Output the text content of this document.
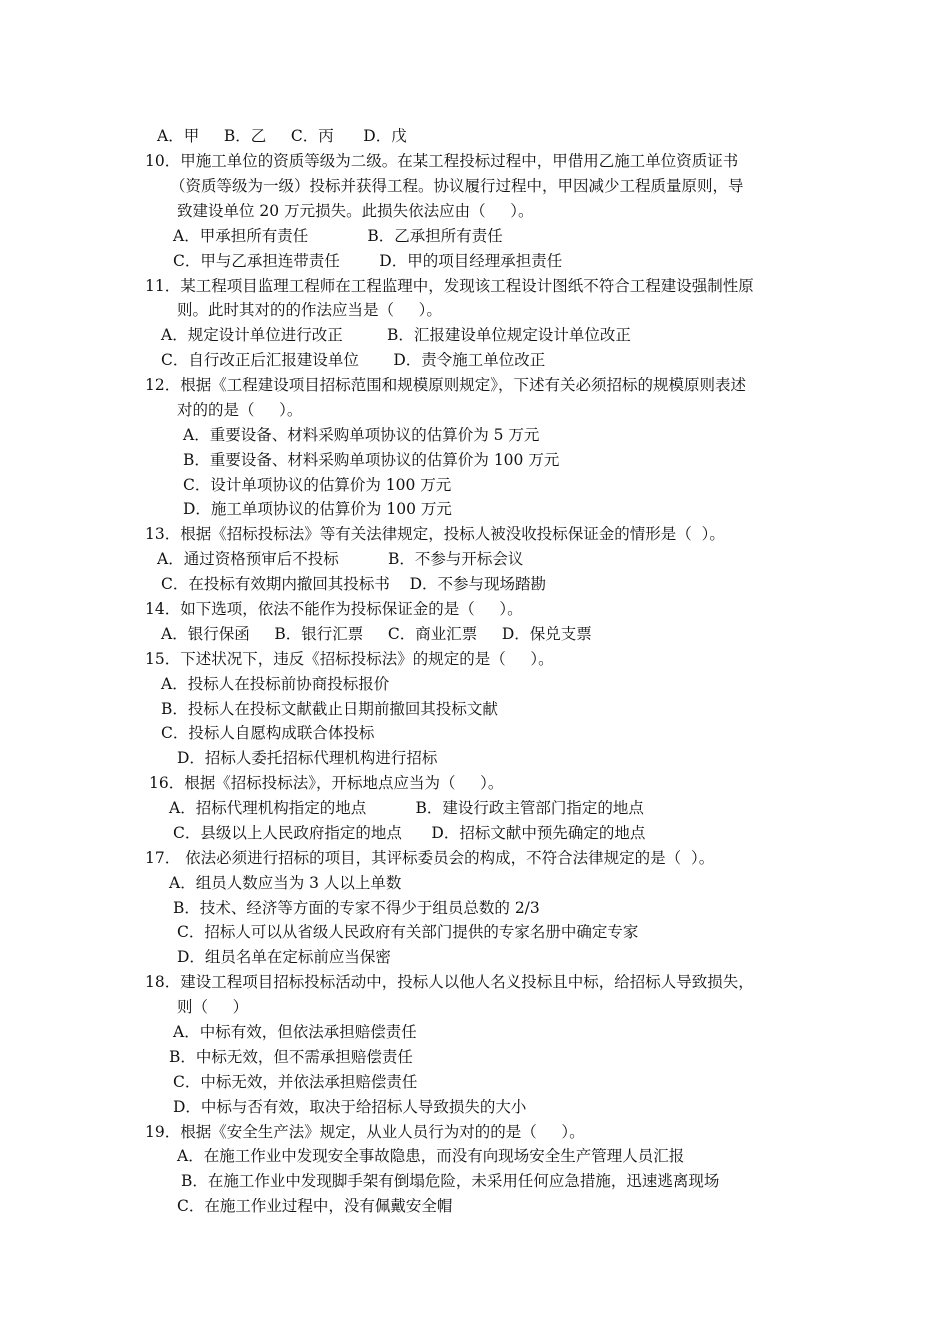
A．甲     B．乙     C．丙      D．戊
10．甲施工单位的资质等级为二级。在某工程投标过程中，甲借用乙施工单位资质证书
（资质等级为一级）投标并获得工程。协议履行过程中，甲因减少工程质量原则，导
致建设单位 20 万元损失。此损失依法应由（     ）。
A．甲承担所有责任            B．乙承担所有责任
C．甲与乙承担连带责任        D．甲的项目经理承担责任
11．某工程项目监理工程师在工程监理中，发现该工程设计图纸不符合工程建设强制性原
则。此时其对的的作法应当是（     ）。
A．规定设计单位进行改正         B．汇报建设单位规定设计单位改正
C．自行改正后汇报建设单位       D．责令施工单位改正
12．根据《工程建设项目招标范围和规模原则规定》，下述有关必须招标的规模原则表述
对的的是（     ）。
A．重要设备、材料采购单项协议的估算价为 5 万元
B．重要设备、材料采购单项协议的估算价为 100 万元
C．设计单项协议的估算价为 100 万元
D．施工单项协议的估算价为 100 万元
13．根据《招标投标法》等有关法律规定，投标人被没收投标保证金的情形是（  ）。
A．通过资格预审后不投标          B．不参与开标会议
C．在投标有效期内撤回其投标书    D．不参与现场踏勘
14．如下选项，依法不能作为投标保证金的是（     ）。
A．银行保函     B．银行汇票     C．商业汇票     D．保兑支票
15．下述状况下，违反《招标投标法》的规定的是（     ）。
A．投标人在投标前协商投标报价
B．投标人在投标文献截止日期前撤回其投标文献
C．投标人自愿构成联合体投标
D．招标人委托招标代理机构进行招标
16．根据《招标投标法》，开标地点应当为（     ）。
A．招标代理机构指定的地点          B．建设行政主管部门指定的地点
C．县级以上人民政府指定的地点      D．招标文献中预先确定的地点
17． 依法必须进行招标的项目，其评标委员会的构成，不符合法律规定的是（  ）。
A．组员人数应当为 3 人以上单数
B．技术、经济等方面的专家不得少于组员总数的 2/3
C．招标人可以从省级人民政府有关部门提供的专家名册中确定专家
D．组员名单在定标前应当保密
18．建设工程项目招标投标活动中，投标人以他人名义投标且中标，给招标人导致损失，
则（     ）
A．中标有效，但依法承担赔偿责任
B．中标无效，但不需承担赔偿责任
C．中标无效，并依法承担赔偿责任
D．中标与否有效，取决于给招标人导致损失的大小
19．根据《安全生产法》规定，从业人员行为对的的是（     ）。
A．在施工作业中发现安全事故隐患，而没有向现场安全生产管理人员汇报
B．在施工作业中发现脚手架有倒塌危险，未采用任何应急措施，迅速逃离现场
C．在施工作业过程中，没有佩戴安全帽
